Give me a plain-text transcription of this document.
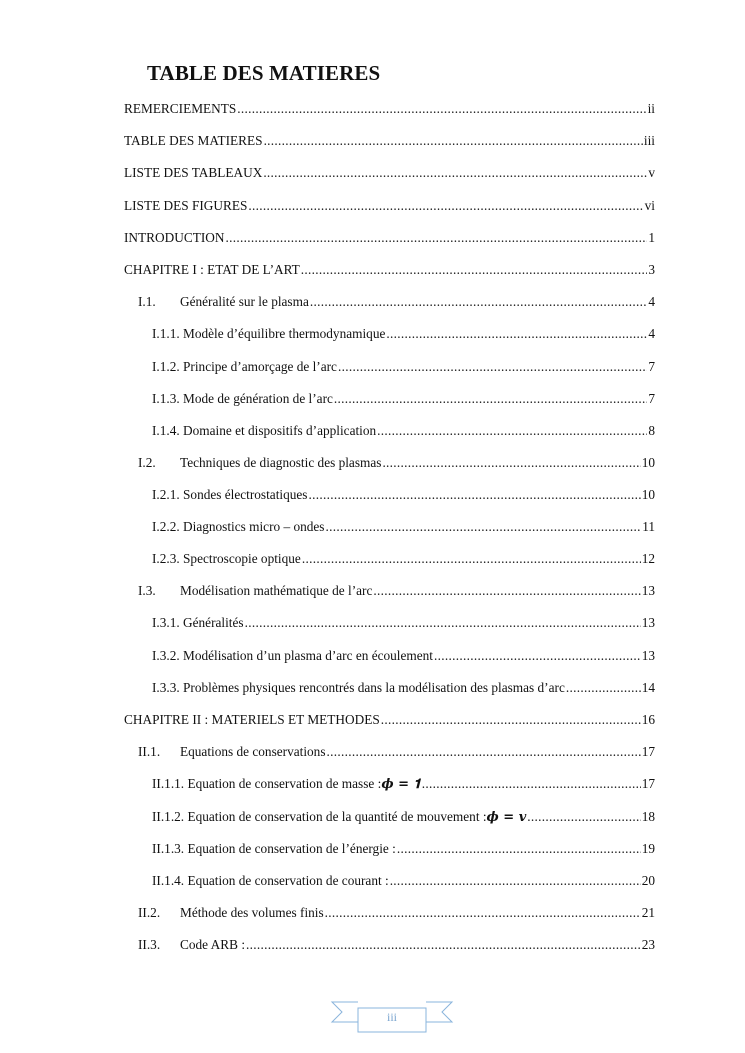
TABLE DES MATIERES
REMERCIEMENTS .....	ii
TABLE DES MATIERES .....	iii
LISTE DES TABLEAUX .....	v
LISTE DES FIGURES .....	vi
INTRODUCTION .....	1
CHAPITRE I : ETAT DE L’ART .....	3
I.1.	Généralité sur le plasma .....	4
I.1.1. Modèle d’équilibre thermodynamique .....	4
I.1.2. Principe d’amorçage de l’arc .....	7
I.1.3. Mode de génération de l’arc .....	7
I.1.4. Domaine et dispositifs d’application .....	8
I.2.	Techniques de diagnostic des plasmas .....	10
I.2.1. Sondes électrostatiques .....	10
I.2.2. Diagnostics micro – ondes .....	11
I.2.3. Spectroscopie optique .....	12
I.3.	Modélisation mathématique de l’arc .....	13
I.3.1. Généralités .....	13
I.3.2. Modélisation d’un plasma d’arc en écoulement .....	13
I.3.3. Problèmes physiques rencontrés dans la modélisation des plasmas d’arc .....	14
CHAPITRE II : MATERIELS ET METHODES .....	16
II.1.	Equations de conservations .....	17
II.1.1. Equation de conservation de masse : 𝝓 = 𝟏 .....	17
II.1.2. Equation de conservation de la quantité de mouvement : 𝝓 = 𝒗 .....	18
II.1.3. Equation de conservation de l’énergie : .....	19
II.1.4. Equation de conservation de courant : .....	20
II.2.	Méthode des volumes finis .....	21
II.3.	Code ARB : .....	23
iii
